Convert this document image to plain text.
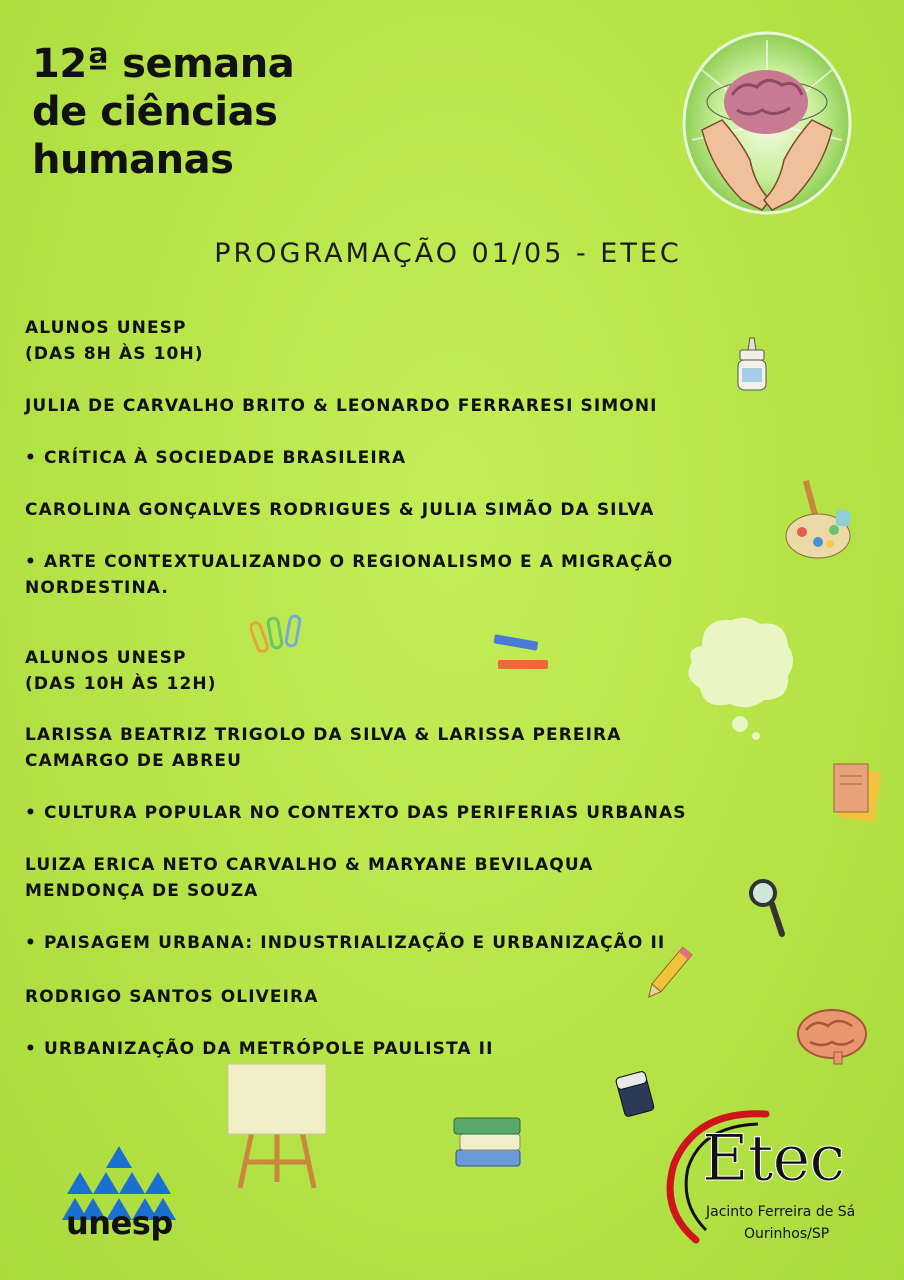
12ª semana
de ciências
humanas
PROGRAMAÇÃO 01/05 - ETEC
ALUNOS UNESP
(DAS 8H ÀS 10H)
JULIA DE CARVALHO BRITO & LEONARDO FERRARESI SIMONI
• CRÍTICA À SOCIEDADE BRASILEIRA
CAROLINA GONÇALVES RODRIGUES & JULIA SIMÃO DA SILVA
• ARTE CONTEXTUALIZANDO O REGIONALISMO E A MIGRAÇÃO
NORDESTINA.
ALUNOS UNESP
(DAS 10H ÀS 12H)
LARISSA BEATRIZ TRIGOLO DA SILVA & LARISSA PEREIRA
CAMARGO DE ABREU
• CULTURA POPULAR NO CONTEXTO DAS PERIFERIAS URBANAS
LUIZA ERICA NETO CARVALHO & MARYANE BEVILAQUA
MENDONÇA DE SOUZA
• PAISAGEM URBANA: INDUSTRIALIZAÇÃO E URBANIZAÇÃO II
RODRIGO SANTOS OLIVEIRA
• URBANIZAÇÃO DA METRÓPOLE PAULISTA II
unesp
Etec
Jacinto Ferreira de Sá
Ourinhos/SP
